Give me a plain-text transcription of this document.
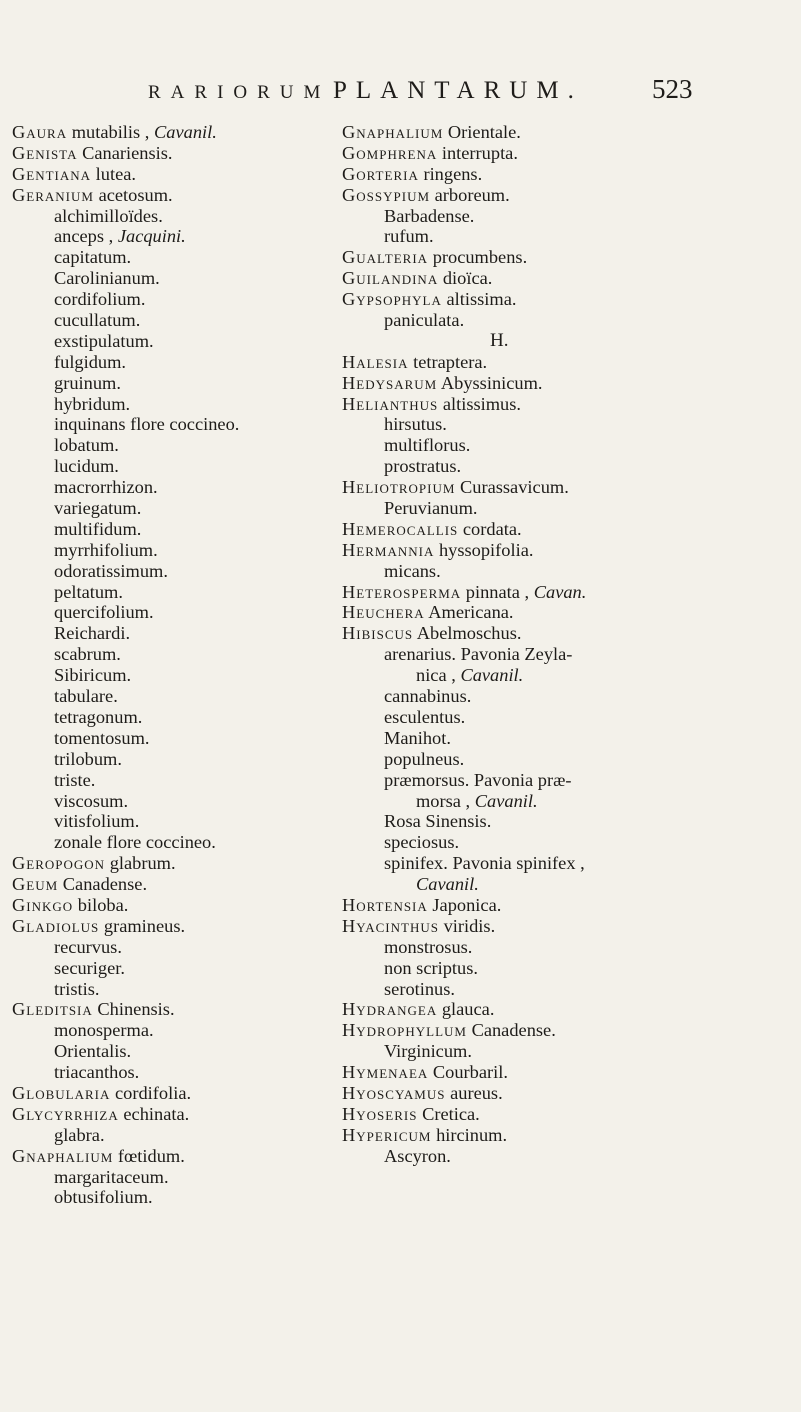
RARIORUM PLANTARUM.	523
Gaura mutabilis , Cavanil.
Genista Canariensis.
Gentiana lutea.
Geranium acetosum.
alchimilloïdes.
anceps , Jacquini.
capitatum.
Carolinianum.
cordifolium.
cucullatum.
exstipulatum.
fulgidum.
gruinum.
hybridum.
inquinans flore coccineo.
lobatum.
lucidum.
macrorrhizon.
variegatum.
multifidum.
myrrhifolium.
odoratissimum.
peltatum.
quercifolium.
Reichardi.
scabrum.
Sibiricum.
tabulare.
tetragonum.
tomentosum.
trilobum.
triste.
viscosum.
vitisfolium.
zonale flore coccineo.
Geropogon glabrum.
Geum Canadense.
Ginkgo biloba.
Gladiolus gramineus.
recurvus.
securiger.
tristis.
Gleditsia Chinensis.
monosperma.
Orientalis.
triacanthos.
Globularia cordifolia.
Glycyrrhiza echinata.
glabra.
Gnaphalium fœtidum.
margaritaceum.
obtusifolium.
Gnaphalium Orientale.
Gomphrena interrupta.
Gorteria ringens.
Gossypium arboreum.
Barbadense.
rufum.
Gualteria procumbens.
Guilandina dioïca.
Gypsophyla altissima.
paniculata.
H.
Halesia tetraptera.
Hedysarum Abyssinicum.
Helianthus altissimus.
hirsutus.
multiflorus.
prostratus.
Heliotropium Curassavicum.
Peruvianum.
Hemerocallis cordata.
Hermannia hyssopifolia.
micans.
Heterosperma pinnata , Cavan.
Heuchera Americana.
Hibiscus Abelmoschus.
arenarius. Pavonia Zeyla-
nica , Cavanil.
cannabinus.
esculentus.
Manihot.
populneus.
præmorsus. Pavonia præ-
morsa , Cavanil.
Rosa Sinensis.
speciosus.
spinifex. Pavonia spinifex ,
Cavanil.
Hortensia Japonica.
Hyacinthus viridis.
monstrosus.
non scriptus.
serotinus.
Hydrangea glauca.
Hydrophyllum Canadense.
Virginicum.
Hymenaea Courbaril.
Hyoscyamus aureus.
Hyoseris Cretica.
Hypericum hircinum.
Ascyron.
